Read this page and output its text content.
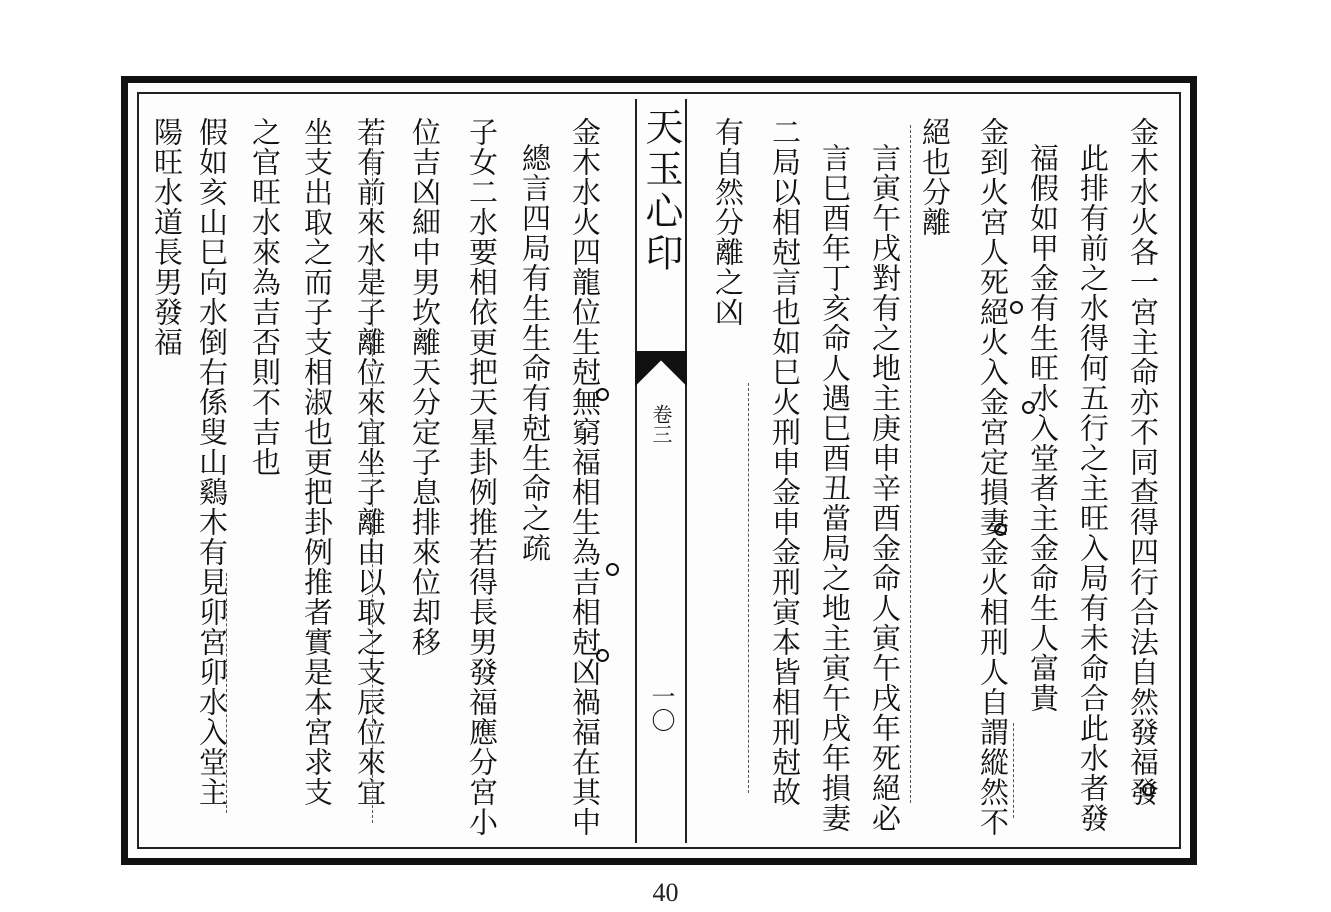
天玉心印
卷三
一〇	金木水火各一宮主命亦不同查得四行合法自然發福發
此排有前之水得何五行之主旺入局有未命合此水者發
福假如甲金有生旺水入堂者主金命生人富貴
金到火宮人死絕火入金宮定損妻金火相刑人自謂縱然不
絕也分離
言寅午戌對有之地主庚申辛酉金命人寅午戌年死絕必
言巳酉年丁亥命人遇巳酉丑當局之地主寅午戌年損妻
二局以相尅言也如巳火刑申金申金刑寅本皆相刑尅故
有自然分離之凶
金木水火四龍位生尅無窮福相生為吉相尅凶禍福在其中
總言四局有生生命有尅生命之疏
子女二水要相依更把天星卦例推若得長男發福應分宮小
位吉凶細中男坎離天分定子息排來位却移
若有前來水是子離位來宜坐子離由以取之支辰位來宜
坐支出取之而子支相淑也更把卦例推者實是本宮求支
之官旺水來為吉否則不吉也
假如亥山巳向水倒右係叟山鷄木有見卯宮卯水入堂主
陽旺水道長男發福
40
